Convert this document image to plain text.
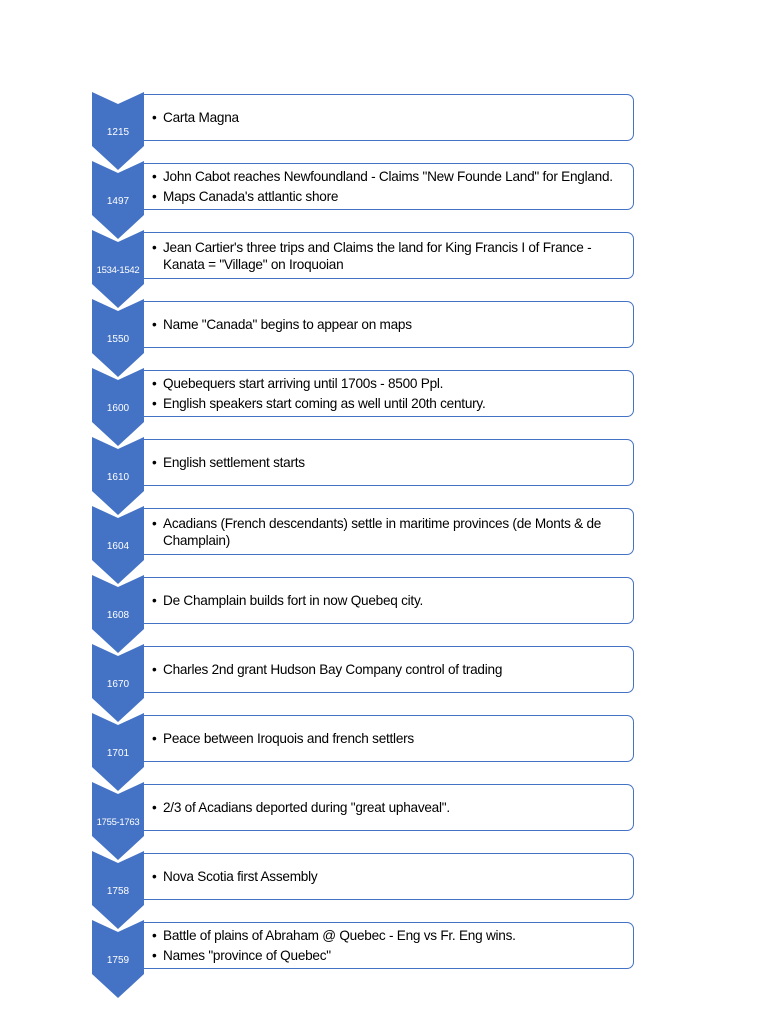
1215
• Carta Magna
1497
• John Cabot reaches Newfoundland - Claims "New Founde Land" for England.
• Maps Canada's attlantic shore
1534-1542
• Jean Cartier's three trips and Claims the land for King Francis I of France - Kanata = "Village" on Iroquoian
1550
• Name "Canada" begins to appear on maps
1600
• Quebequers start arriving until 1700s - 8500 Ppl.
• English speakers start coming as well until 20th century.
1610
• English settlement starts
1604
• Acadians (French descendants) settle in maritime provinces (de Monts & de Champlain)
1608
• De Champlain builds fort in now Quebeq city.
1670
• Charles 2nd grant Hudson Bay Company control of trading
1701
• Peace between Iroquois and french settlers
1755-1763
• 2/3 of Acadians deported during "great uphaveal".
1758
• Nova Scotia first Assembly
1759
• Battle of plains of Abraham @ Quebec - Eng vs Fr. Eng wins.
• Names "province of Quebec"
